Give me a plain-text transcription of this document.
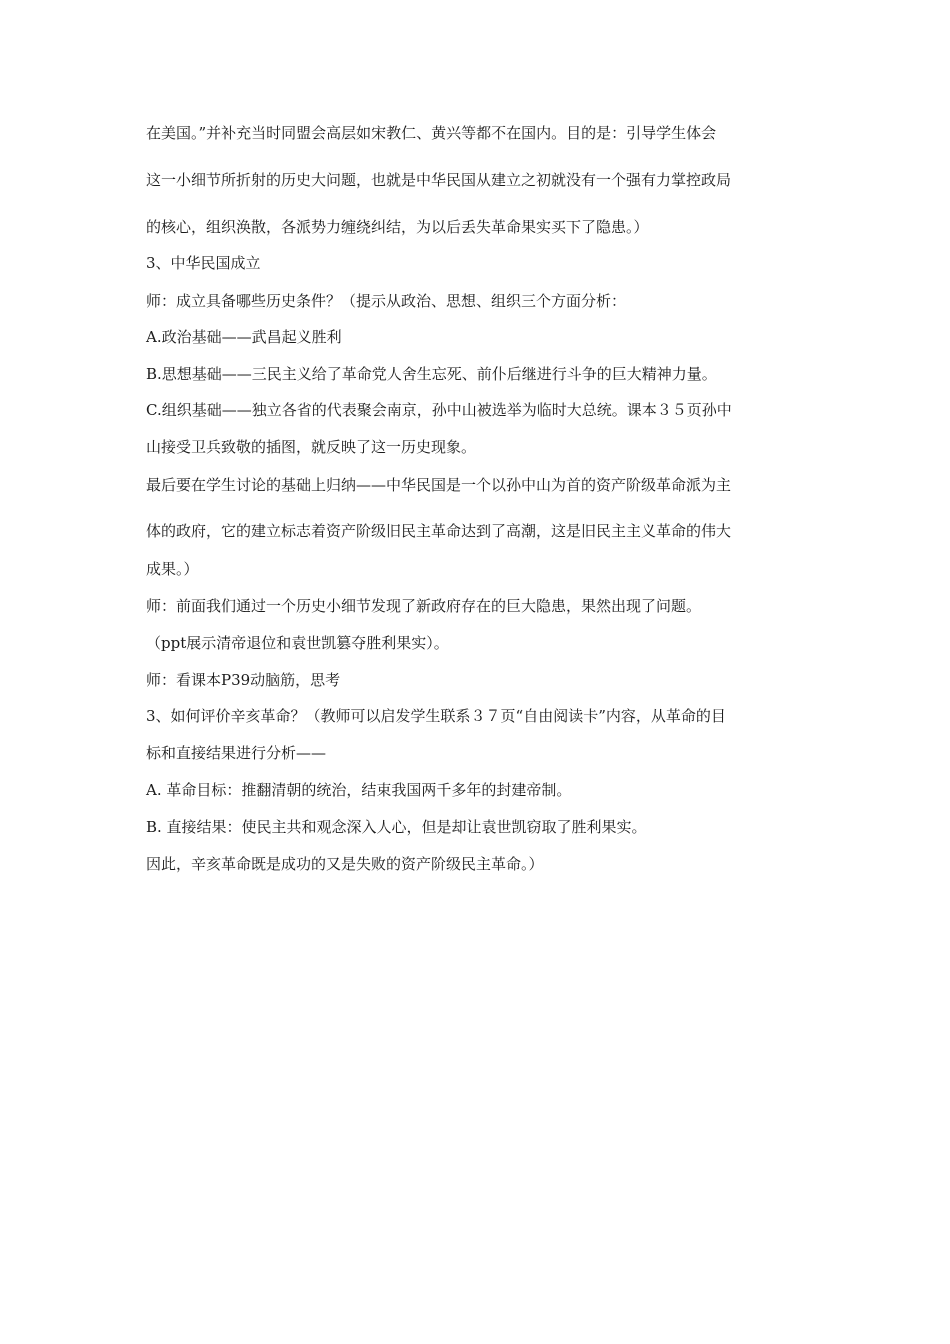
在美国。”并补充当时同盟会高层如宋教仁、黄兴等都不在国内。目的是：引导学生体会
这一小细节所折射的历史大问题，也就是中华民国从建立之初就没有一个强有力掌控政局
的核心，组织涣散，各派势力缠绕纠结，为以后丢失革命果实买下了隐患。）
3、中华民国成立
师：成立具备哪些历史条件？（提示从政治、思想、组织三个方面分析：
A.政治基础——武昌起义胜利
B.思想基础——三民主义给了革命党人舍生忘死、前仆后继进行斗争的巨大精神力量。
C.组织基础——独立各省的代表聚会南京，孙中山被选举为临时大总统。课本３５页孙中
山接受卫兵致敬的插图，就反映了这一历史现象。
最后要在学生讨论的基础上归纳——中华民国是一个以孙中山为首的资产阶级革命派为主
体的政府，它的建立标志着资产阶级旧民主革命达到了高潮，这是旧民主主义革命的伟大
成果。）
师：前面我们通过一个历史小细节发现了新政府存在的巨大隐患，果然出现了问题。
（ppt展示清帝退位和袁世凯篡夺胜利果实）。
师：看课本P39动脑筋，思考
3、如何评价辛亥革命？（教师可以启发学生联系３７页“自由阅读卡”内容，从革命的目
标和直接结果进行分析——
A. 革命目标：推翻清朝的统治，结束我国两千多年的封建帝制。
B. 直接结果：使民主共和观念深入人心，但是却让袁世凯窃取了胜利果实。
因此，辛亥革命既是成功的又是失败的资产阶级民主革命。）
